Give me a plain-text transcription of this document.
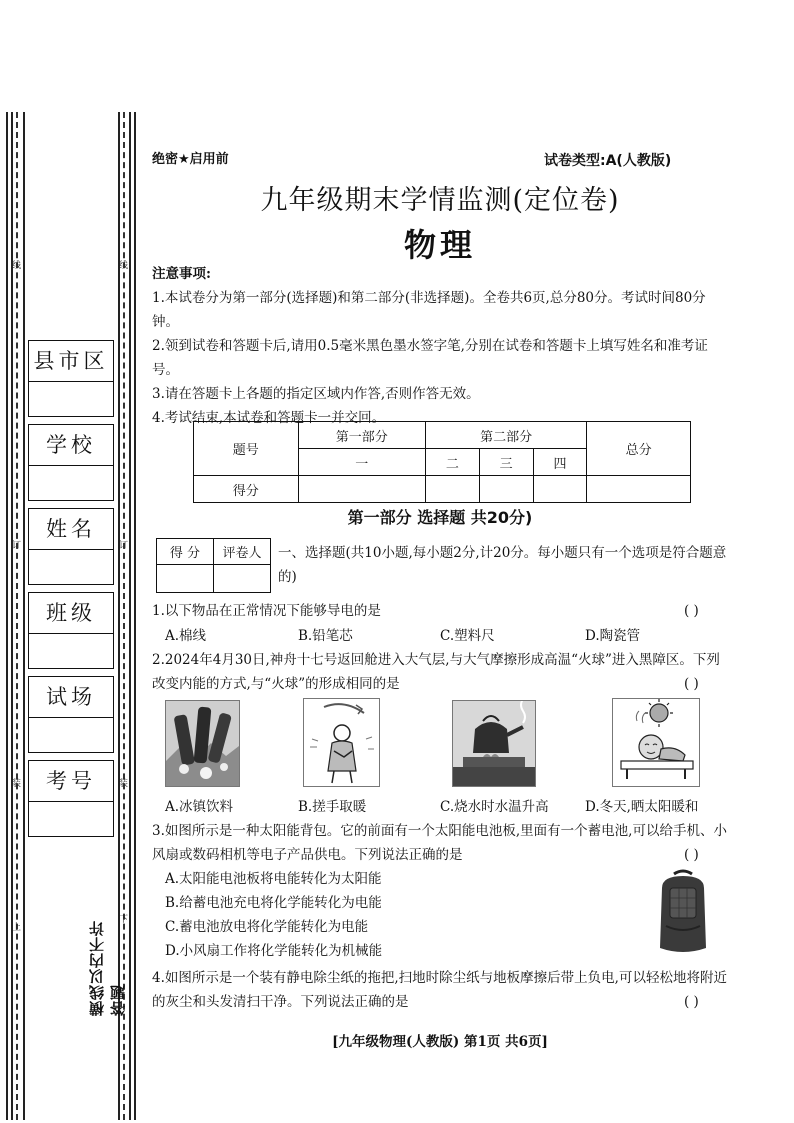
线	线
订	订
装	装
上
下
县市区
学校
姓名
班级
试场
考号
横线以内不许答题
绝密★启用前	试卷类型:A(人教版)
九年级期末学情监测(定位卷)
物理
注意事项:
1.本试卷分为第一部分(选择题)和第二部分(非选择题)。全卷共6页,总分80分。考试时间80分钟。
2.领到试卷和答题卡后,请用0.5毫米黑色墨水签字笔,分别在试卷和答题卡上填写姓名和准考证号。
3.请在答题卡上各题的指定区域内作答,否则作答无效。
4.考试结束,本试卷和答题卡一并交回。
题号	第一部分	第二部分			总分
	一	二	三	四	
得分					
第一部分 选择题 共20分)
得 分	评卷人
	一、选择题(共10小题,每小题2分,计20分。每小题只有一个选项是符合题意的)
1.以下物品在正常情况下能够导电的是	( )
A.棉线	B.铅笔芯	C.塑料尺	D.陶瓷管
2.2024年4月30日,神舟十七号返回舱进入大气层,与大气摩擦形成高温“火球”进入黑障区。下列改变内能的方式,与“火球”的形成相同的是	( )
A.冰镇饮料	B.搓手取暖	C.烧水时水温升高	D.冬天,晒太阳暖和
3.如图所示是一种太阳能背包。它的前面有一个太阳能电池板,里面有一个蓄电池,可以给手机、小风扇或数码相机等电子产品供电。下列说法正确的是	( )
A.太阳能电池板将电能转化为太阳能
B.给蓄电池充电将化学能转化为电能
C.蓄电池放电将化学能转化为电能
D.小风扇工作将化学能转化为机械能
4.如图所示是一个装有静电除尘纸的拖把,扫地时除尘纸与地板摩擦后带上负电,可以轻松地将附近的灰尘和头发清扫干净。下列说法正确的是	( )
[九年级物理(人教版) 第1页 共6页]
